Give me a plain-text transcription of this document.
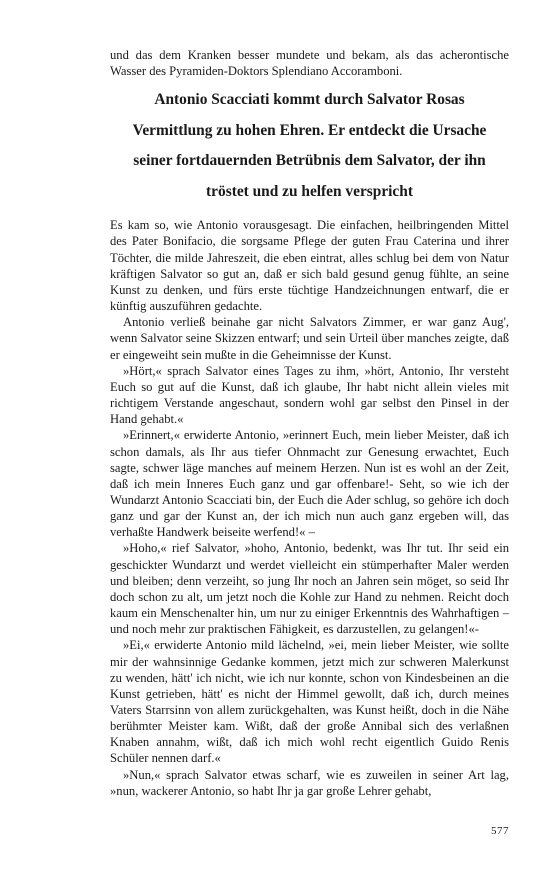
und das dem Kranken besser mundete und bekam, als das acherontische Wasser des Pyramiden-Doktors Splendiano Accoramboni.

Antonio Scacciati kommt durch Salvator Rosas Vermittlung zu hohen Ehren. Er entdeckt die Ursache seiner fortdauernden Betrübnis dem Salvator, der ihn tröstet und zu helfen verspricht

Es kam so, wie Antonio vorausgesagt. Die einfachen, heilbringenden Mittel des Pater Bonifacio, die sorgsame Pflege der guten Frau Caterina und ihrer Töchter, die milde Jahreszeit, die eben eintrat, alles schlug bei dem von Natur kräftigen Salvator so gut an, daß er sich bald gesund genug fühlte, an seine Kunst zu denken, und fürs erste tüchtige Handzeichnungen entwarf, die er künftig auszuführen gedachte.

Antonio verließ beinahe gar nicht Salvators Zimmer, er war ganz Aug', wenn Salvator seine Skizzen entwarf; und sein Urteil über manches zeigte, daß er eingeweiht sein mußte in die Geheimnisse der Kunst.

»Hört,« sprach Salvator eines Tages zu ihm, »hört, Antonio, Ihr versteht Euch so gut auf die Kunst, daß ich glaube, Ihr habt nicht allein vieles mit richtigem Verstande angeschaut, sondern wohl gar selbst den Pinsel in der Hand gehabt.«

»Erinnert,« erwiderte Antonio, »erinnert Euch, mein lieber Meister, daß ich schon damals, als Ihr aus tiefer Ohnmacht zur Genesung erwachtet, Euch sagte, schwer läge manches auf meinem Herzen. Nun ist es wohl an der Zeit, daß ich mein Inneres Euch ganz und gar offenbare!- Seht, so wie ich der Wundarzt Antonio Scacciati bin, der Euch die Ader schlug, so gehöre ich doch ganz und gar der Kunst an, der ich mich nun auch ganz ergeben will, das verhaßte Handwerk beiseite werfend!« –

»Hoho,« rief Salvator, »hoho, Antonio, bedenkt, was Ihr tut. Ihr seid ein geschickter Wundarzt und werdet vielleicht ein stümperhafter Maler werden und bleiben; denn verzeiht, so jung Ihr noch an Jahren sein möget, so seid Ihr doch schon zu alt, um jetzt noch die Kohle zur Hand zu nehmen. Reicht doch kaum ein Menschenalter hin, um nur zu einiger Erkenntnis des Wahrhaftigen – und noch mehr zur praktischen Fähigkeit, es darzustellen, zu gelangen!«-

»Ei,« erwiderte Antonio mild lächelnd, »ei, mein lieber Meister, wie sollte mir der wahnsinnige Gedanke kommen, jetzt mich zur schweren Malerkunst zu wenden, hätt' ich nicht, wie ich nur konnte, schon von Kindesbeinen an die Kunst getrieben, hätt' es nicht der Himmel gewollt, daß ich, durch meines Vaters Starrsinn von allem zurückgehalten, was Kunst heißt, doch in die Nähe berühmter Meister kam. Wißt, daß der große Annibal sich des verlaßnen Knaben annahm, wißt, daß ich mich wohl recht eigentlich Guido Renis Schüler nennen darf.«

»Nun,« sprach Salvator etwas scharf, wie es zuweilen in seiner Art lag, »nun, wackerer Antonio, so habt Ihr ja gar große Lehrer gehabt,

577
